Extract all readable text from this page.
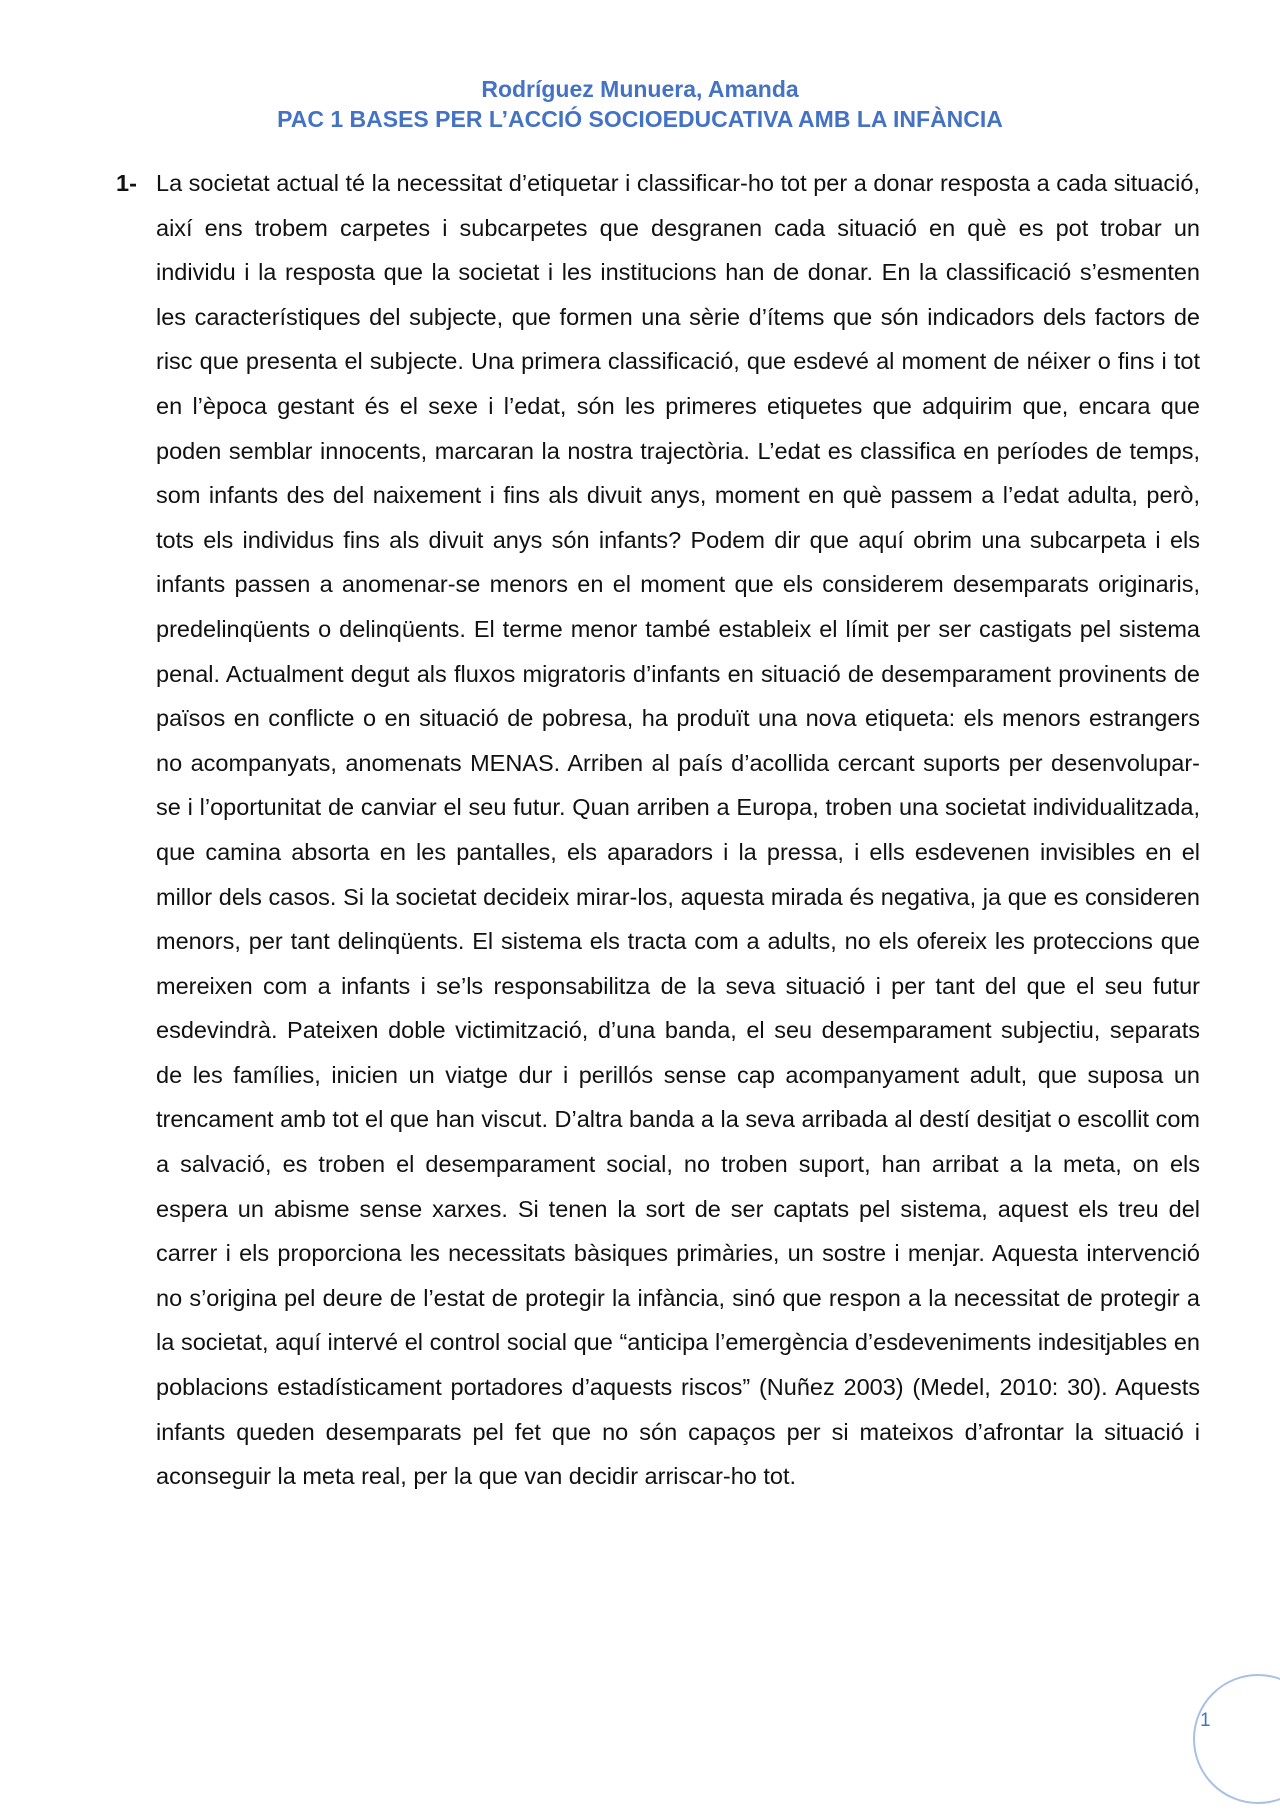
Rodríguez Munuera, Amanda
PAC 1 BASES PER L’ACCIÓ SOCIOEDUCATIVA AMB LA INFÀNCIA
1- La societat actual té la necessitat d’etiquetar i classificar-ho tot per a donar resposta a cada situació, així ens trobem carpetes i subcarpetes que desgranen cada situació en què es pot trobar un individu i la resposta que la societat i les institucions han de donar. En la classificació s’esmenten les característiques del subjecte, que formen una sèrie d’ítems que són indicadors dels factors de risc que presenta el subjecte. Una primera classificació, que esdevé al moment de néixer o fins i tot en l’època gestant és el sexe i l’edat, són les primeres etiquetes que adquirim que, encara que poden semblar innocents, marcaran la nostra trajectòria. L’edat es classifica en períodes de temps, som infants des del naixement i fins als divuit anys, moment en què passem a l’edat adulta, però, tots els individus fins als divuit anys són infants? Podem dir que aquí obrim una subcarpeta i els infants passen a anomenar-se menors en el moment que els considerem desemparats originaris, predelinqüents o delinqüents. El terme menor també estableix el límit per ser castigats pel sistema penal. Actualment degut als fluxos migratoris d’infants en situació de desemparament provinents de països en conflicte o en situació de pobresa, ha produït una nova etiqueta: els menors estrangers no acompanyats, anomenats MENAS. Arriben al país d’acollida cercant suports per desenvolupar-se i l’oportunitat de canviar el seu futur. Quan arriben a Europa, troben una societat individualitzada, que camina absorta en les pantalles, els aparadors i la pressa, i ells esdevenen invisibles en el millor dels casos. Si la societat decideix mirar-los, aquesta mirada és negativa, ja que es consideren menors, per tant delinqüents. El sistema els tracta com a adults, no els ofereix les proteccions que mereixen com a infants i se’ls responsabilitza de la seva situació i per tant del que el seu futur esdevindrà. Pateixen doble victimització, d’una banda, el seu desemparament subjectiu, separats de les famílies, inicien un viatge dur i perillós sense cap acompanyament adult, que suposa un trencament amb tot el que han viscut. D’altra banda a la seva arribada al destí desitjat o escollit com a salvació, es troben el desemparament social, no troben suport, han arribat a la meta, on els espera un abisme sense xarxes. Si tenen la sort de ser captats pel sistema, aquest els treu del carrer i els proporciona les necessitats bàsiques primàries, un sostre i menjar. Aquesta intervenció no s’origina pel deure de l’estat de protegir la infància, sinó que respon a la necessitat de protegir a la societat, aquí intervé el control social que “anticipa l’emergència d’esdeveniments indesitjables en poblacions estadísticament portadores d’aquests riscos” (Nuñez 2003) (Medel, 2010: 30). Aquests infants queden desemparats pel fet que no són capaços per si mateixos d’afrontar la situació i aconseguir la meta real, per la que van decidir arriscar-ho tot.

1
